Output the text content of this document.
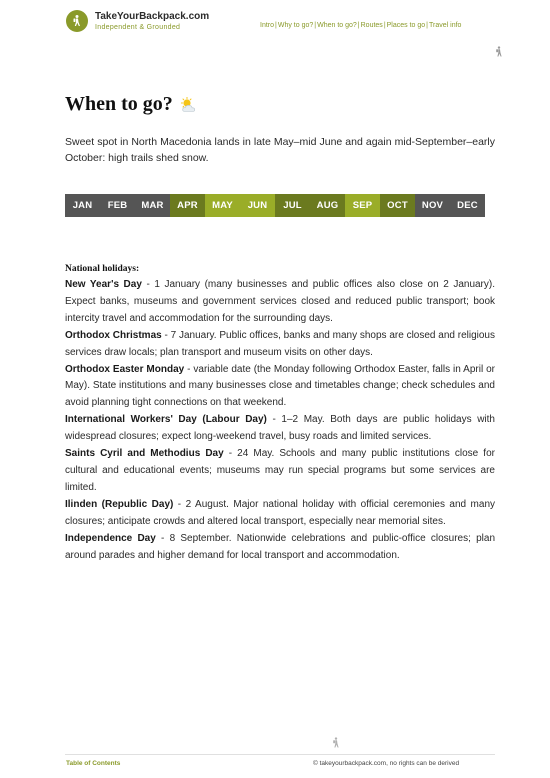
TakeYourBackpack.com
Independent & Grounded	Intro|Why to go?|When to go?|Routes|Places to go|Travel info
When to go?

Sweet spot in North Macedonia lands in late May–mid June and again mid-September–early October: high trails shed snow.

JAN	FEB	MAR	APR	MAY	JUN	JUL	AUG	SEP	OCT	NOV	DEC
National holidays:

New Year's Day - 1 January (many businesses and public offices also close on 2 January). Expect banks, museums and government services closed and reduced public transport; book intercity travel and accommodation for the surrounding days.

Orthodox Christmas - 7 January. Public offices, banks and many shops are closed and religious services draw locals; plan transport and museum visits on other days.

Orthodox Easter Monday - variable date (the Monday following Orthodox Easter, falls in April or May). State institutions and many businesses close and timetables change; check schedules and avoid planning tight connections on that weekend.

International Workers' Day (Labour Day) - 1–2 May. Both days are public holidays with widespread closures; expect long-weekend travel, busy roads and limited services.

Saints Cyril and Methodius Day - 24 May. Schools and many public institutions close for cultural and educational events; museums may run special programs but some services are limited.

Ilinden (Republic Day) - 2 August. Major national holiday with official ceremonies and many closures; anticipate crowds and altered local transport, especially near memorial sites.

Independence Day - 8 September. Nationwide celebrations and public-office closures; plan around parades and higher demand for local transport and accommodation.

Table of Contents	© takeyourbackpack.com, no rights can be derived
